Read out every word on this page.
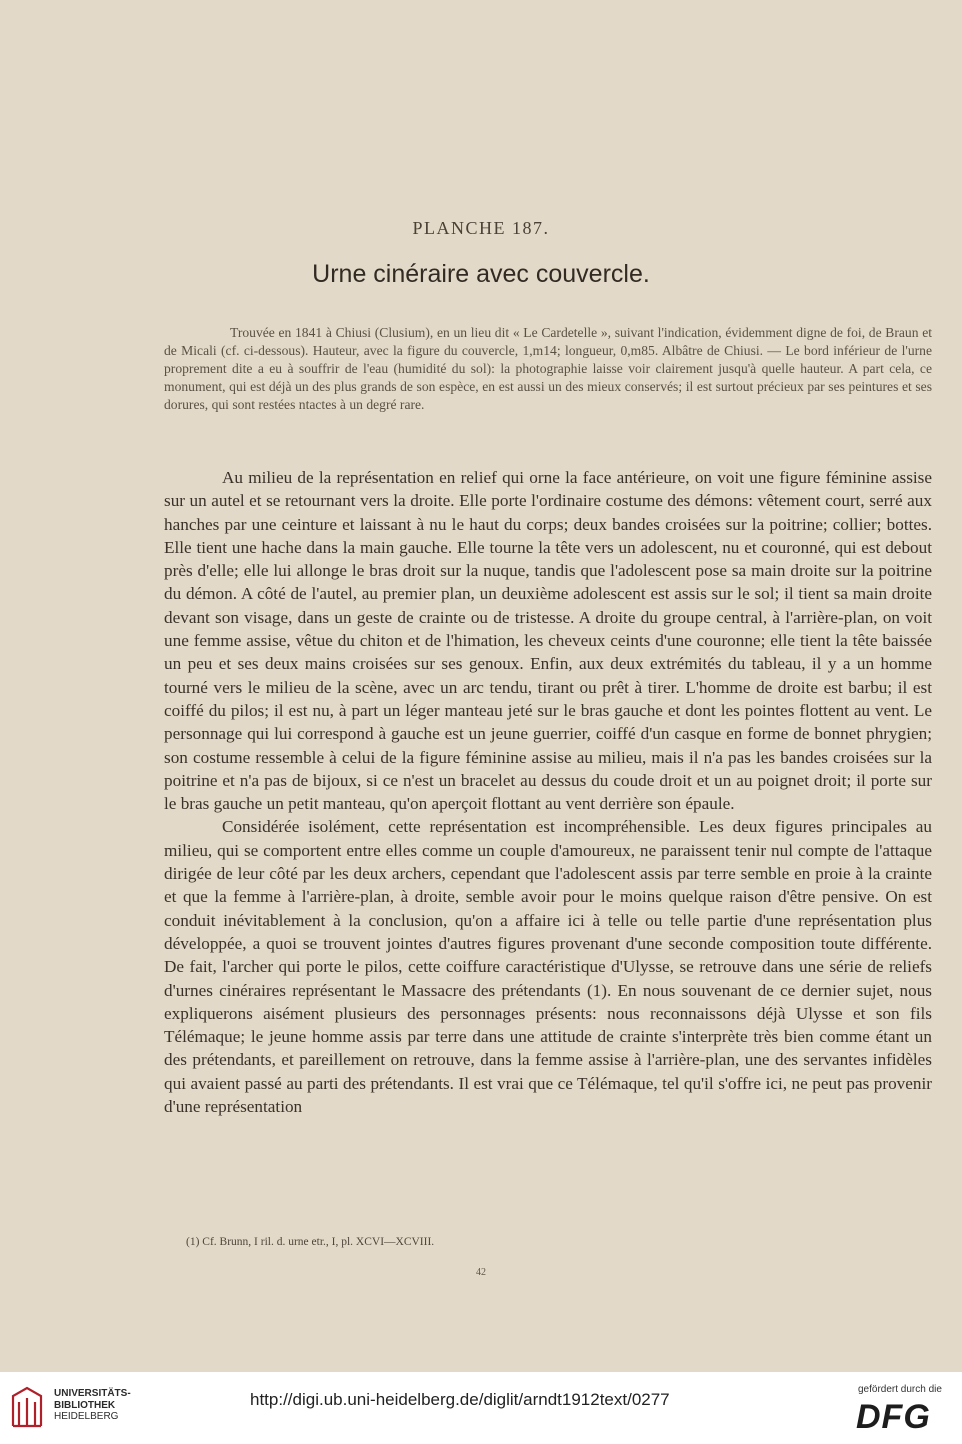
PLANCHE 187.
Urne cinéraire avec couvercle.
Trouvée en 1841 à Chiusi (Clusium), en un lieu dit « Le Cardetelle », suivant l'indication, évidemment digne de foi, de Braun et de Micali (cf. ci-dessous). Hauteur, avec la figure du couvercle, 1,m14; longueur, 0,m85. Albâtre de Chiusi. — Le bord inférieur de l'urne proprement dite a eu à souffrir de l'eau (humidité du sol): la photographie laisse voir clairement jusqu'à quelle hauteur. A part cela, ce monument, qui est déjà un des plus grands de son espèce, en est aussi un des mieux conservés; il est surtout précieux par ses peintures et ses dorures, qui sont restées ntactes à un degré rare.

Au milieu de la représentation en relief qui orne la face antérieure, on voit une figure féminine assise sur un autel et se retournant vers la droite. Elle porte l'ordinaire costume des démons: vêtement court, serré aux hanches par une ceinture et laissant à nu le haut du corps; deux bandes croisées sur la poitrine; collier; bottes. Elle tient une hache dans la main gauche. Elle tourne la tête vers un adolescent, nu et couronné, qui est debout près d'elle; elle lui allonge le bras droit sur la nuque, tandis que l'adolescent pose sa main droite sur la poitrine du démon. A côté de l'autel, au premier plan, un deuxième adolescent est assis sur le sol; il tient sa main droite devant son visage, dans un geste de crainte ou de tristesse. A droite du groupe central, à l'arrière-plan, on voit une femme assise, vêtue du chiton et de l'himation, les cheveux ceints d'une couronne; elle tient la tête baissée un peu et ses deux mains croisées sur ses genoux. Enfin, aux deux extrémités du tableau, il y a un homme tourné vers le milieu de la scène, avec un arc tendu, tirant ou prêt à tirer. L'homme de droite est barbu; il est coiffé du pilos; il est nu, à part un léger manteau jeté sur le bras gauche et dont les pointes flottent au vent. Le personnage qui lui correspond à gauche est un jeune guerrier, coiffé d'un casque en forme de bonnet phrygien; son costume ressemble à celui de la figure féminine assise au milieu, mais il n'a pas les bandes croisées sur la poitrine et n'a pas de bijoux, si ce n'est un bracelet au dessus du coude droit et un au poignet droit; il porte sur le bras gauche un petit manteau, qu'on aperçoit flottant au vent derrière son épaule.

Considérée isolément, cette représentation est incompréhensible. Les deux figures principales au milieu, qui se comportent entre elles comme un couple d'amoureux, ne paraissent tenir nul compte de l'attaque dirigée de leur côté par les deux archers, cependant que l'adolescent assis par terre semble en proie à la crainte et que la femme à l'arrière-plan, à droite, semble avoir pour le moins quelque raison d'être pensive. On est conduit inévitablement à la conclusion, qu'on a affaire ici à telle ou telle partie d'une représentation plus développée, a quoi se trouvent jointes d'autres figures provenant d'une seconde composition toute différente. De fait, l'archer qui porte le pilos, cette coiffure caractéristique d'Ulysse, se retrouve dans une série de reliefs d'urnes cinéraires représentant le Massacre des prétendants (1). En nous souvenant de ce dernier sujet, nous expliquerons aisément plusieurs des personnages présents: nous reconnaissons déjà Ulysse et son fils Télémaque; le jeune homme assis par terre dans une attitude de crainte s'interprète très bien comme étant un des prétendants, et pareillement on retrouve, dans la femme assise à l'arrière-plan, une des servantes infidèles qui avaient passé au parti des prétendants. Il est vrai que ce Télémaque, tel qu'il s'offre ici, ne peut pas provenir d'une représentation

(1) Cf. Brunn, I ril. d. urne etr., I, pl. XCVI—XCVIII.
42
UNIVERSITÄTS-
BIBLIOTHEK
HEIDELBERG
http://digi.ub.uni-heidelberg.de/diglit/arndt1912text/0277
gefördert durch die
DFG
